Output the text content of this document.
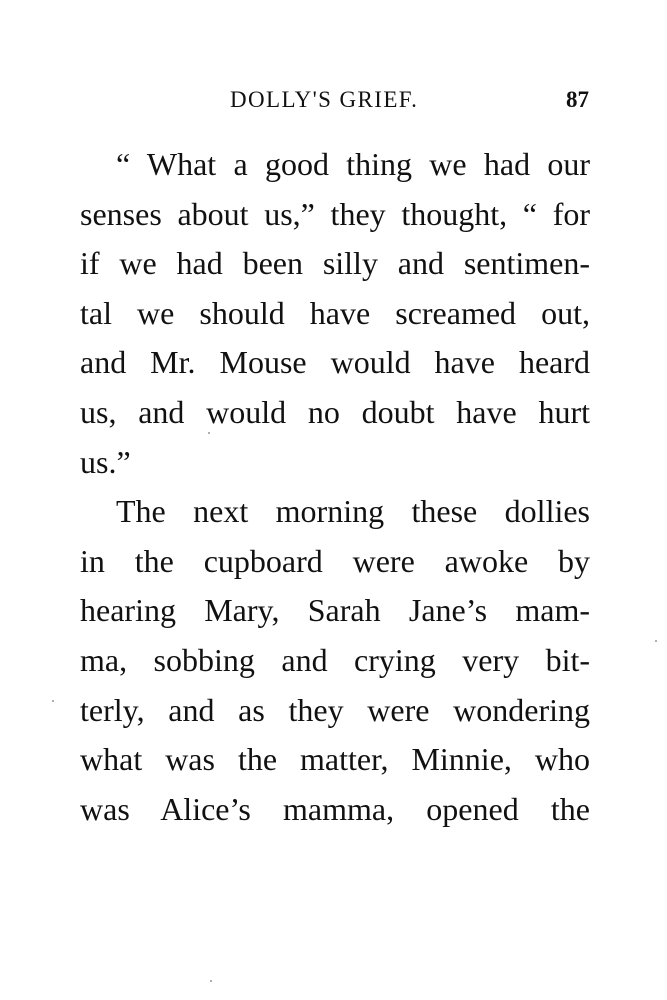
DOLLY'S GRIEF.	87
“ What a good thing we had our
senses about us,” they thought, “ for
if we had been silly and sentimen-
tal we should have screamed out,
and Mr. Mouse would have heard
us, and would no doubt have hurt
us.”
The next morning these dollies
in the cupboard were awoke by
hearing Mary, Sarah Jane’s mam-
ma, sobbing and crying very bit-
terly, and as they were wondering
what was the matter, Minnie, who
was Alice’s mamma, opened the
